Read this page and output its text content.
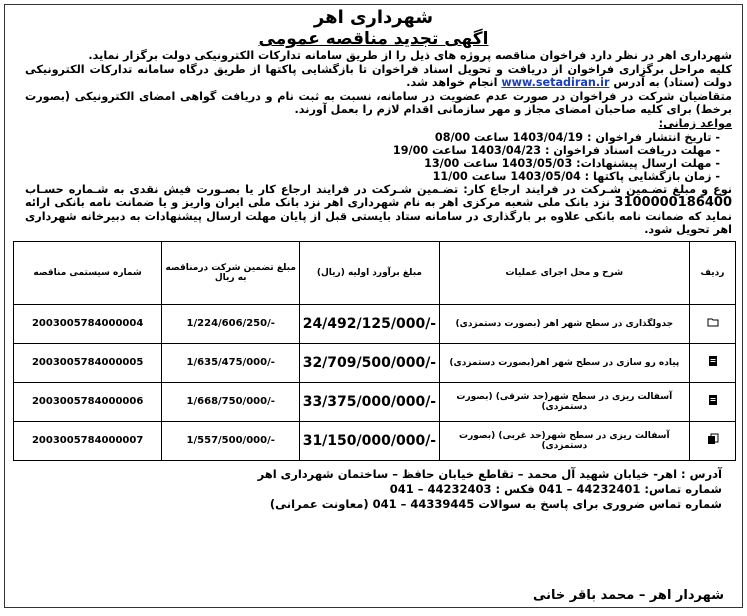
شهرداری اهر
اگهی تجدید مناقصه عمومی
شهرداری اهر در نظر دارد فراخوان مناقصه پروژه های ذیل را از طریق سامانه تدارکات الکترونیکی دولت برگزار نماید.
کلیه مراحل برگزاری فراخوان از دریافت و تحویل اسناد فراخوان تا بازگشایی پاکتها از طریق درگاه سامانه تدارکات الکترونیکی دولت (ستاد) به آدرس www.setadiran.ir انجام خواهد شد.
متقاضیان شرکت در فراخوان در صورت عدم عضویت در سامانه، نسبت به ثبت نام و دریافت گواهی امضای الکترونیکی (بصورت برخط) برای کلیه صاحبان امضای مجاز و مهر سازمانی اقدام لازم را بعمل آورند.
مواعد زمانی:
- تاریخ انتشار فراخوان : 1403/04/19 ساعت 08/00
- مهلت دریافت اسناد فراخوان : 1403/04/23 ساعت 19/00
- مهلت ارسال پیشنهادات: 1403/05/03 ساعت 13/00
- زمان بازگشایی پاکتها : 1403/05/04 ساعت 11/00
نوع و مبلغ تضـمین شـرکت در فرایند ارجاع کار: تضـمین شـرکت در فرایند ارجاع کار یا بصـورت فیش نقدی به شـماره حسـاب 3100000186400 نزد بانک ملی شعبه مرکزی اهر به نام شهرداری اهر نزد بانک ملی ایران واریز و یا ضمانت نامه بانکی ارائه نماید که ضمانت نامه بانکی علاوه بر بارگذاری در سامانه ستاد بایستی قبل از پایان مهلت ارسال پیشنهادات به دبیرخانه شهرداری اهر تحویل شود.
ردیف	شرح و محل اجرای عملیات	مبلغ برآورد اولیه (ریال)	مبلغ تضمین شرکت درمناقصه به ریال	شماره سیستمی مناقصه
	جدولگذاری در سطح شهر اهر (بصورت دستمزدی)	24/492/125/000/-	1/224/606/250/-	2003005784000004
	پیاده رو سازی در سطح شهر اهر(بصورت دستمزدی)	32/709/500/000/-	1/635/475/000/-	2003005784000005
	آسفالت ریزی در سطح شهر(حد شرقی) (بصورت دستمزدی)	33/375/000/000/-	1/668/750/000/-	2003005784000006
	آسفالت ریزی در سطح شهر(حد غربی) (بصورت دستمزدی)	31/150/000/000/-	1/557/500/000/-	2003005784000007
آدرس : اهر- خیابان شهید آل محمد – تقاطع خیابان حافظ – ساختمان شهرداری اهر
شماره تماس: 44232401 – 041 فکس : 44232403 – 041
شماره تماس ضروری برای پاسخ به سوالات 44339445 – 041 (معاونت عمرانی)
شهردار اهر – محمد باقر خانی
